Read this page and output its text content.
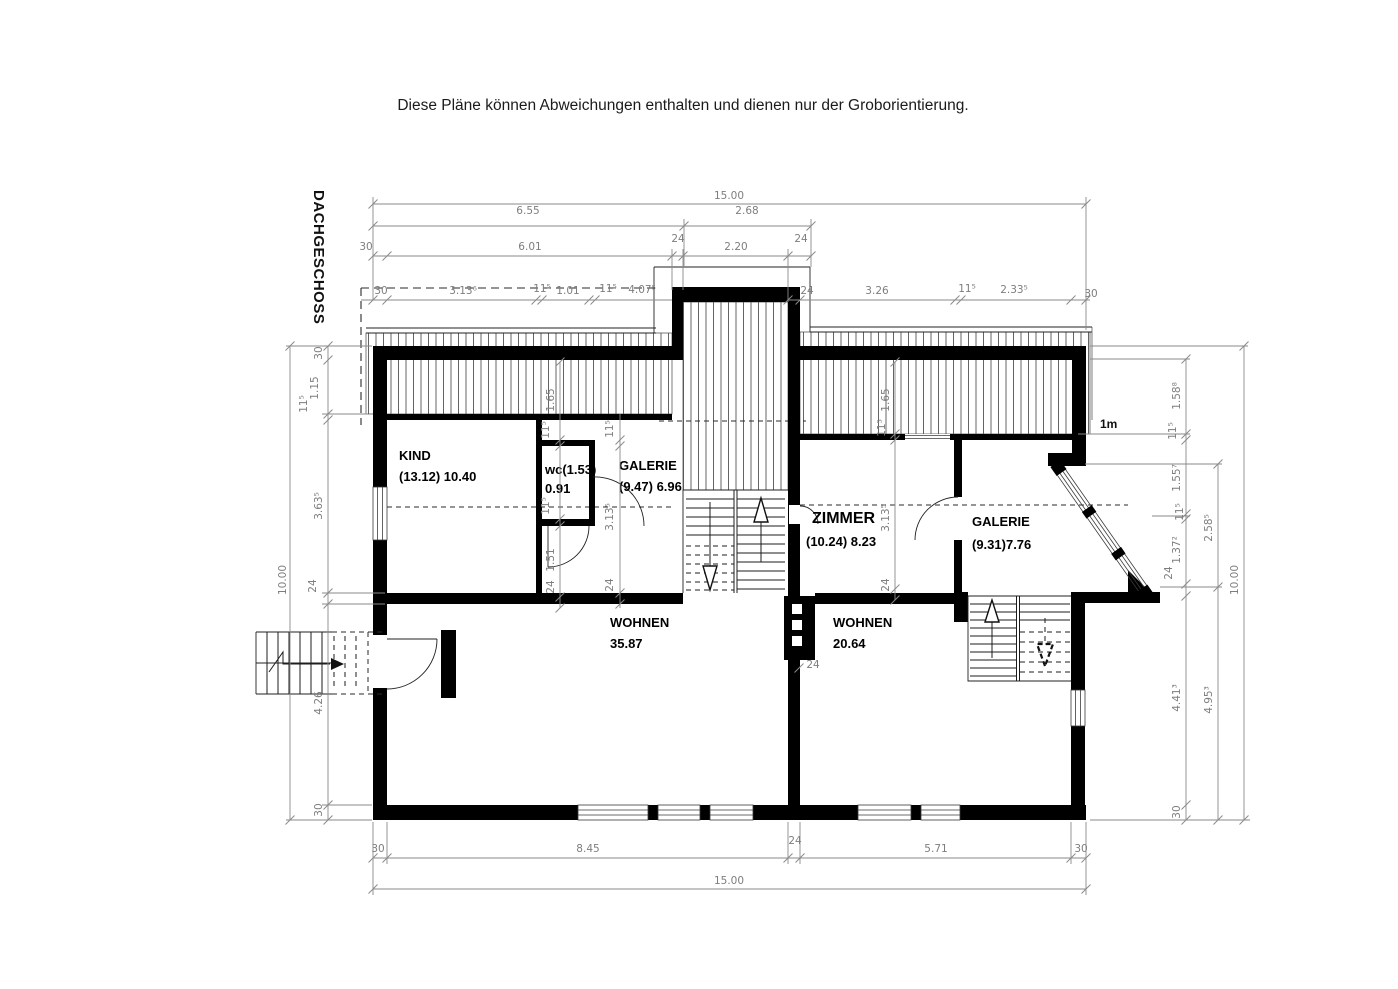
Diese Pläne können Abweichungen enthalten und dienen nur der Groborientierung.
DACHGESCHOSS
KIND
(13.12) 10.40	wc(1.53)
0.91
GALERIE
(9.47) 6.96
ZIMMER
(10.24) 8.23
GALERIE
(9.31)7.76
WOHNEN
35.87
WOHNEN
20.64
1m
15.00
6.55	2.68
30	6.01
24
2.20
24
30	3.13⁶	11⁵ 1.01 11⁵ 4.07⁵	24	3.26	11⁵ 2.33⁵	30
10.00
30
1.15
11⁵
3.63⁵
24
4.26
30
1.58⁸
11⁵
1.55⁷
11⁵
1.37²
24
4.41³
30
2.58⁵
4.95³
10.00
30	8.45
24
5.71	30
15.00
1.65
11⁵
11⁵
1.51
24
11⁵
3.13⁵
24
1.65
11⁵
3.13⁵
24
24
